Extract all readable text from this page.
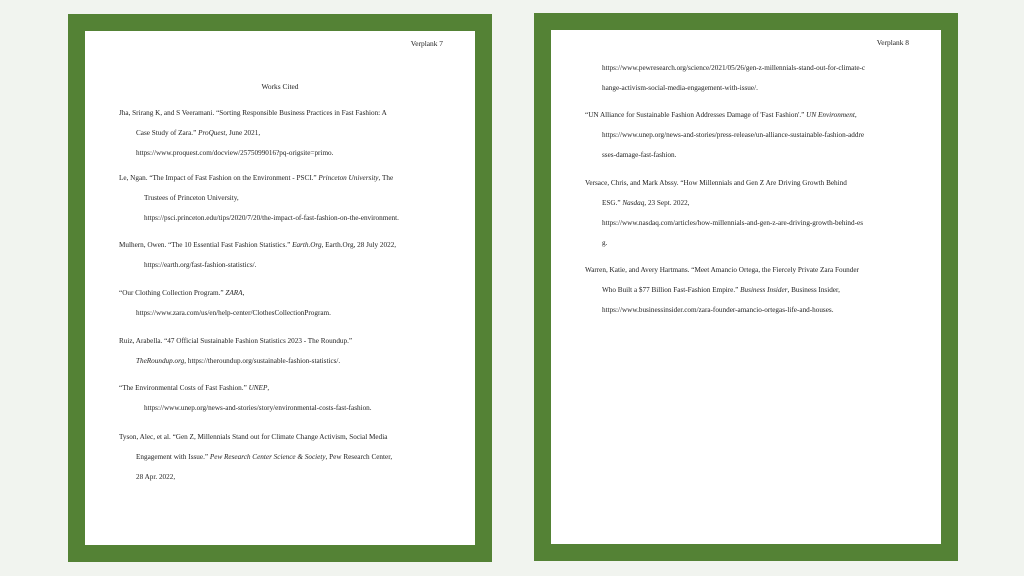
Verplank 7
Works Cited
Jha, Srirang K, and S Veeramani. “Sorting Responsible Business Practices in Fast Fashion: A
Case Study of Zara.” ProQuest, June 2021,
https://www.proquest.com/docview/2575099016?pq-origsite=primo.
Le, Ngan. “The Impact of Fast Fashion on the Environment - PSCI.” Princeton University, The
Trustees of Princeton University,
https://psci.princeton.edu/tips/2020/7/20/the-impact-of-fast-fashion-on-the-environment.
Mulhern, Owen. “The 10 Essential Fast Fashion Statistics.” Earth.Org, Earth.Org, 28 July 2022,
https://earth.org/fast-fashion-statistics/.
“Our Clothing Collection Program.” ZARA,
https://www.zara.com/us/en/help-center/ClothesCollectionProgram.
Ruiz, Arabella. “47 Official Sustainable Fashion Statistics 2023 - The Roundup.”
TheRoundup.org, https://theroundup.org/sustainable-fashion-statistics/.
“The Environmental Costs of Fast Fashion.” UNEP,
https://www.unep.org/news-and-stories/story/environmental-costs-fast-fashion.
Tyson, Alec, et al. “Gen Z, Millennials Stand out for Climate Change Activism, Social Media
Engagement with Issue.” Pew Research Center Science & Society, Pew Research Center,
28 Apr. 2022,
Verplank 8
https://www.pewresearch.org/science/2021/05/26/gen-z-millennials-stand-out-for-climate-c
hange-activism-social-media-engagement-with-issue/.
“UN Alliance for Sustainable Fashion Addresses Damage of 'Fast Fashion'.” UN Environment,
https://www.unep.org/news-and-stories/press-release/un-alliance-sustainable-fashion-addre
sses-damage-fast-fashion.
Versace, Chris, and Mark Abssy. “How Millennials and Gen Z Are Driving Growth Behind
ESG.” Nasdaq, 23 Sept. 2022,
https://www.nasdaq.com/articles/how-millennials-and-gen-z-are-driving-growth-behind-es
g.
Warren, Katie, and Avery Hartmans. “Meet Amancio Ortega, the Fiercely Private Zara Founder
Who Built a $77 Billion Fast-Fashion Empire.” Business Insider, Business Insider,
https://www.businessinsider.com/zara-founder-amancio-ortegas-life-and-houses.
